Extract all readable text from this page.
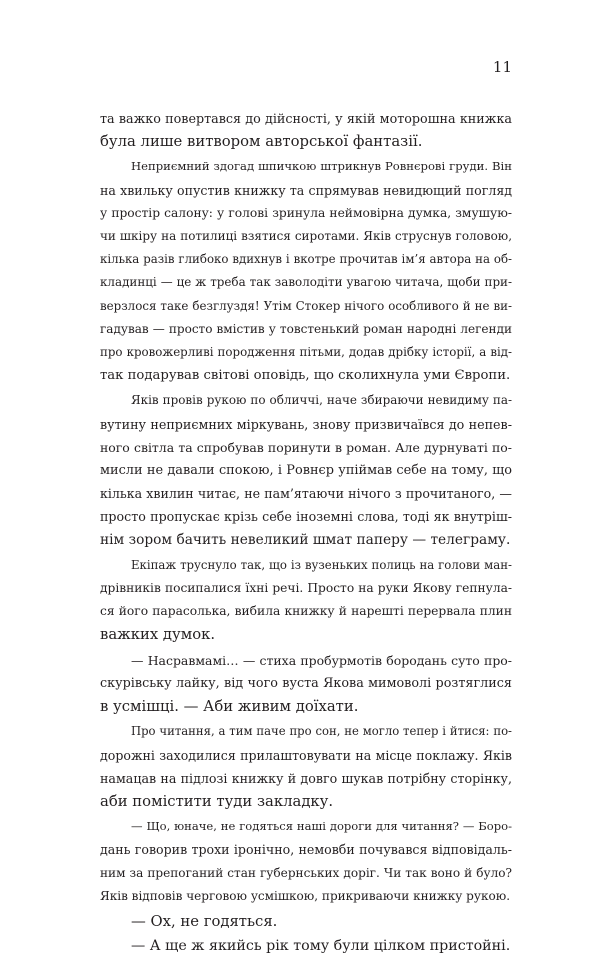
11
та важко повертався до дійсності, у якій моторошна книжка
була лише витвором авторської фантазії.
Неприємний здогад шпичкою штрикнув Ровнєрові груди. Він
на хвильку опустив книжку та спрямував невидющий погляд
у простір салону: у голові зринула неймовірна думка, змушую-
чи шкіру на потилиці взятися сиротами. Яків струснув головою,
кілька разів глибоко вдихнув і вкотре прочитав ім’я автора на об-
кладинці — це ж треба так заволодіти увагою читача, щоби при-
верзлося таке безглуздя! Утім Стокер нічого особливого й не ви-
гадував — просто вмістив у товстенький роман народні легенди
про кровожерливі породження пітьми, додав дрібку історії, а від-
так подарував світові оповідь, що сколихнула уми Європи.
Яків провів рукою по обличчі, наче збираючи невидиму па-
вутину неприємних міркувань, знову призвичаївся до непев-
ного світла та спробував поринути в роман. Але дурнуваті по-
мисли не давали спокою, і Ровнєр упіймав себе на тому, що
кілька хвилин читає, не пам’ятаючи нічого з прочитаного, —
просто пропускає крізь себе іноземні слова, тоді як внутріш-
нім зором бачить невеликий шмат паперу — телеграму.
Екіпаж труснуло так, що із вузеньких полиць на голови ман-
дрівників посипалися їхні речі. Просто на руки Якову гепнула-
ся його парасолька, вибила книжку й нарешті перервала плин
важких думок.
— Насравмамі… — стиха пробурмотів бородань суто про-
скурівську лайку, від чого вуста Якова мимоволі розтяглися
в усмішці. — Аби живим доїхати.
Про читання, а тим паче про сон, не могло тепер і йтися: по-
дорожні заходилися прилаштовувати на місце поклажу. Яків
намацав на підлозі книжку й довго шукав потрібну сторінку,
аби помістити туди закладку.
— Що, юначе, не годяться наші дороги для читання? — Боро-
дань говорив трохи іронічно, немовби почувався відповідаль-
ним за препоганий стан губернських доріг. Чи так воно й було?
Яків відповів черговою усмішкою, прикриваючи книжку рукою.
— Ох, не годяться.
— А ще ж якийсь рік тому були цілком пристойні.
